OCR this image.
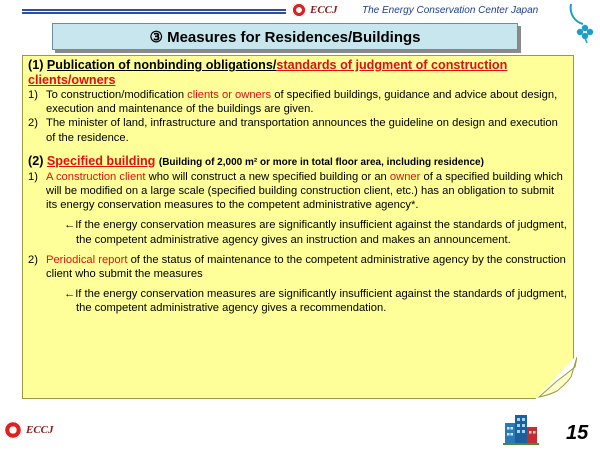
ECCJ The Energy Conservation Center Japan
③ Measures for Residences/Buildings
(1) Publication of nonbinding obligations/standards of judgment of construction clients/owners
1) To construction/modification clients or owners of specified buildings, guidance and advice about design, execution and maintenance of the buildings are given.
2) The minister of land, infrastructure and transportation announces the guideline on design and execution of the residence.
(2) Specified building (Building of 2,000 m² or more in total floor area, including residence)
1) A construction client who will construct a new specified building or an owner of a specified building which will be modified on a large scale (specified building construction client, etc.) has an obligation to submit its energy conservation measures to the competent administrative agency*.
←If the energy conservation measures are significantly insufficient against the standards of judgment, the competent administrative agency gives an instruction and makes an announcement.
2) Periodical report of the status of maintenance to the competent administrative agency by the construction client who submit the measures
←If the energy conservation measures are significantly insufficient against the standards of judgment, the competent administrative agency gives a recommendation.
ECCJ	15
